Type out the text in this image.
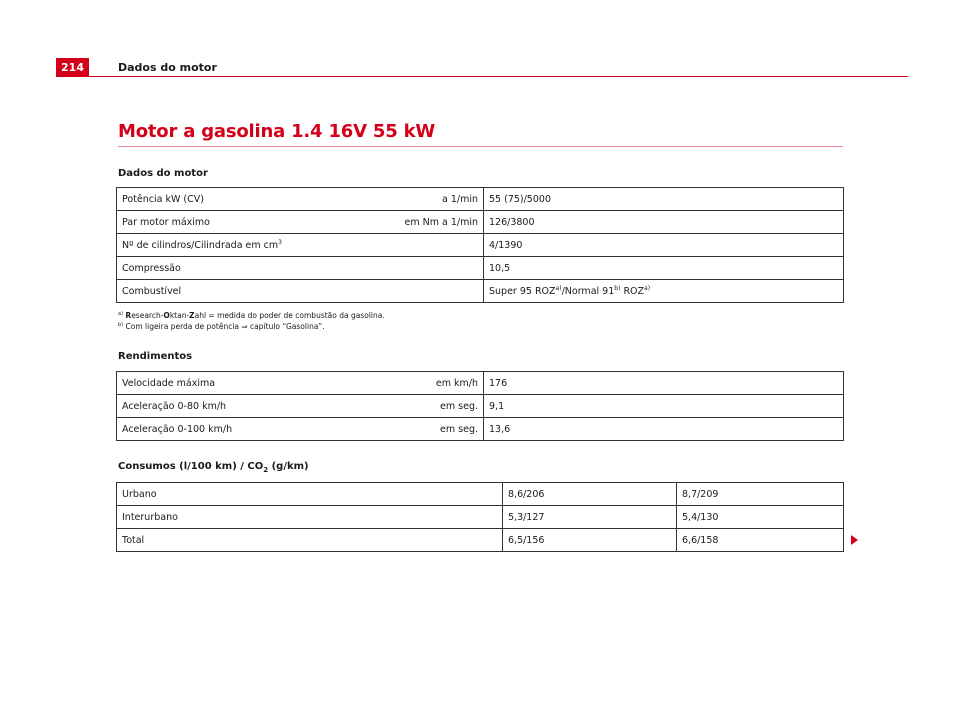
214	Dados do motor
Motor a gasolina 1.4 16V 55 kW
Dados do motor
Potência kW (CV)	a 1/min	55 (75)/5000
Par motor máximo	em Nm a 1/min	126/3800
Nº de cilindros/Cilindrada em $cm^3$		4/1390
Compressão		10,5
Combustível		Super 95 ROZ$^{a)}$/Normal 91$^{b)}$ ROZ$^{a)}$
$^{a)}$ Research-Oktan-Zahl = medida do poder de combustão da gasolina.
$^{b)}$ Com ligeira perda de potência ⇒ capítulo “Gasolina”.
Rendimentos
Velocidade máxima	em km/h	176
Aceleração 0-80 km/h	em seg.	9,1
Aceleração 0-100 km/h	em seg.	13,6
Consumos (l/100 $km) / CO_2$ (g/km)
Urbano	8,6/206	8,7/209
Interurbano	5,3/127	5,4/130
Total	6,5/156	6,6/158
